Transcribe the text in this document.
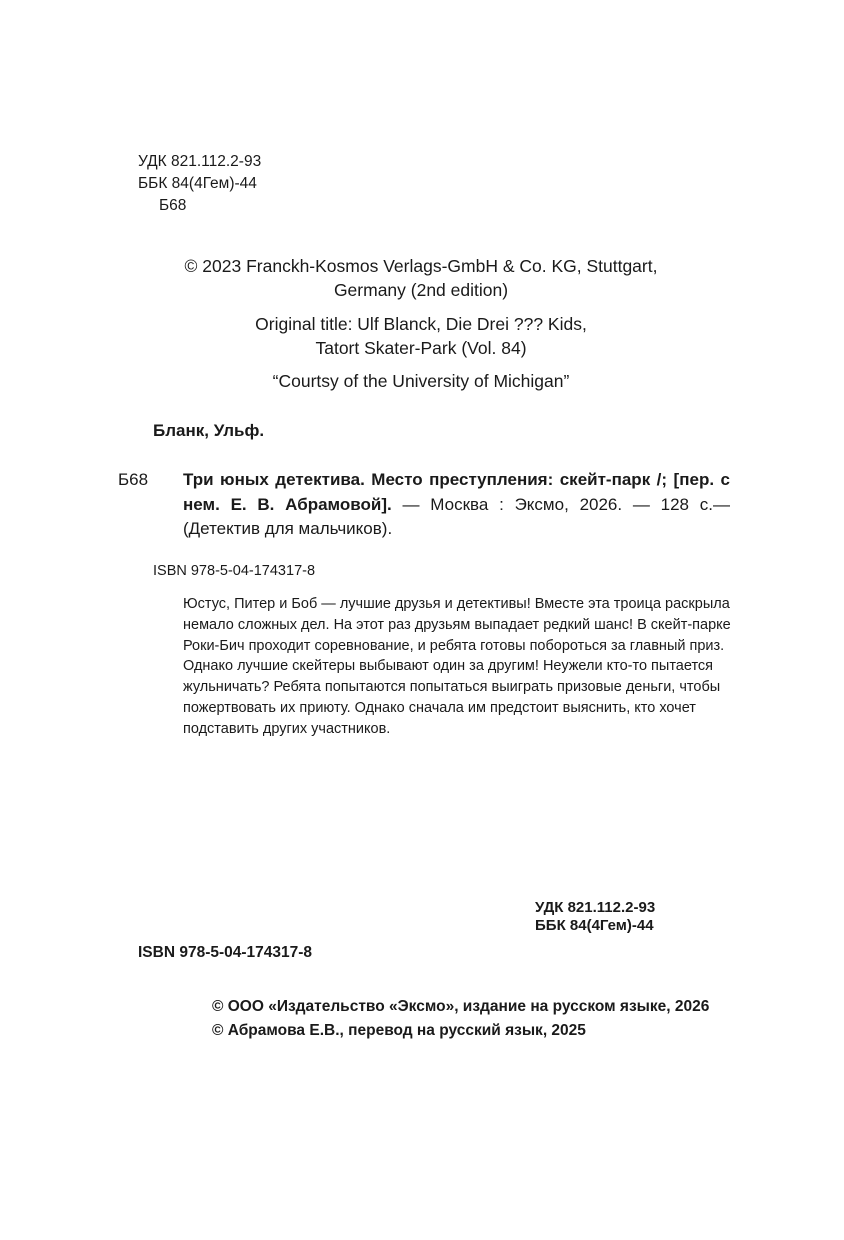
УДК 821.112.2-93
ББК 84(4Гем)-44
Б68
© 2023 Franckh-Kosmos Verlags-GmbH & Co. KG, Stuttgart,
Germany (2nd edition)
Original title: Ulf Blanck, Die Drei ??? Kids,
Tatort Skater-Park (Vol. 84)
“Courtsy of the University of Michigan”
Бланк, Ульф.
Б68 Три юных детектива. Место преступления: скейт-парк /; [пер. с нем. Е. В. Абрамовой]. — Москва : Эксмо, 2026. — 128 с.— (Детектив для мальчиков).
ISBN 978-5-04-174317-8
Юстус, Питер и Боб — лучшие друзья и детективы! Вместе эта троица раскрыла немало сложных дел. На этот раз друзьям выпадает редкий шанс! В скейт-парке Роки-Бич проходит соревнование, и ребята готовы побороться за главный приз. Однако лучшие скейтеры выбывают один за другим! Неужели кто-то пытается жульничать? Ребята попытаются попытаться выиграть призовые деньги, чтобы пожертвовать их приюту. Однако сначала им предстоит выяснить, кто хочет подставить других участников.
УДК 821.112.2-93
ББК 84(4Гем)-44
ISBN 978-5-04-174317-8
© ООО «Издательство «Эксмо», издание на русском языке, 2026
© Абрамова Е.В., перевод на русский язык, 2025
